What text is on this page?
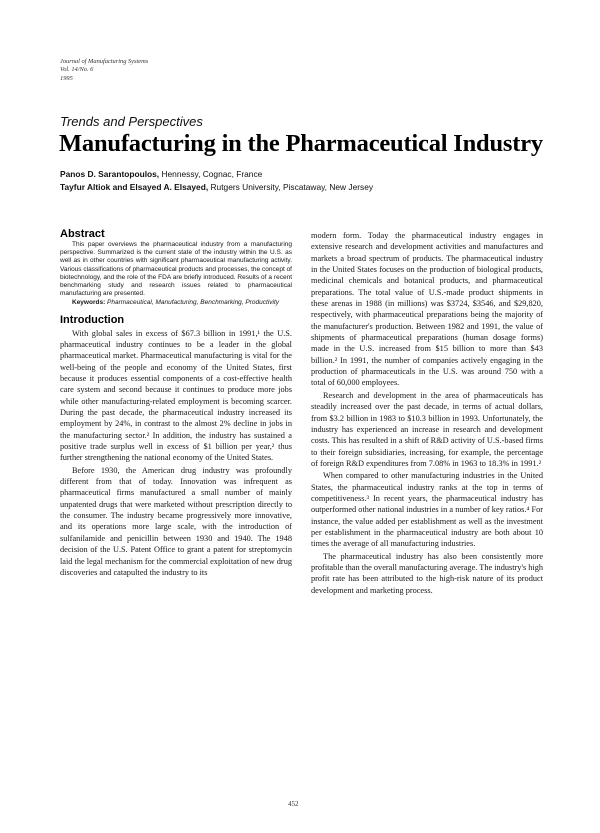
Journal of Manufacturing Systems
Vol. 14/No. 6
1995
Trends and Perspectives
Manufacturing in the Pharmaceutical Industry
Panos D. Sarantopoulos, Hennessy, Cognac, France
Tayfur Altiok and Elsayed A. Elsayed, Rutgers University, Piscataway, New Jersey
Abstract

This paper overviews the pharmaceutical industry from a manufacturing perspective. Summarized is the current state of the industry within the U.S. as well as in other countries with significant pharmaceutical manufacturing activity. Various classifications of pharmaceutical products and processes, the concept of biotechnology, and the role of the FDA are briefly introduced. Results of a recent benchmarking study and research issues related to pharmaceutical manufacturing are presented.

Keywords: Pharmaceutical, Manufacturing, Benchmarking, Productivity

Introduction

With global sales in excess of $67.3 billion in 1991,¹ the U.S. pharmaceutical industry continues to be a leader in the global pharmaceutical market. Pharmaceutical manufacturing is vital for the well-being of the people and economy of the United States, first because it produces essential components of a cost-effective health care system and second because it continues to produce more jobs while other manufacturing-related employment is becoming scarcer. During the past decade, the pharmaceutical industry increased its employment by 24%, in contrast to the almost 2% decline in jobs in the manufacturing sector.² In addition, the industry has sustained a positive trade surplus well in excess of $1 billion per year,² thus further strengthening the national economy of the United States.

Before 1930, the American drug industry was profoundly different from that of today. Innovation was infrequent as pharmaceutical firms manufactured a small number of mainly unpatented drugs that were marketed without prescription directly to the consumer. The industry became progressively more innovative, and its operations more large scale, with the introduction of sulfanilamide and penicillin between 1930 and 1940. The 1948 decision of the U.S. Patent Office to grant a patent for streptomycin laid the legal mechanism for the commercial exploitation of new drug discoveries and catapulted the industry to its

modern form. Today the pharmaceutical industry engages in extensive research and development activities and manufactures and markets a broad spectrum of products. The pharmaceutical industry in the United States focuses on the production of biological products, medicinal chemicals and botanical products, and pharmaceutical preparations. The total value of U.S.-made product shipments in these arenas in 1988 (in millions) was $3724, $3546, and $29,820, respectively, with pharmaceutical preparations being the majority of the manufacturer's production. Between 1982 and 1991, the value of shipments of pharmaceutical preparations (human dosage forms) made in the U.S. increased from $15 billion to more than $43 billion.² In 1991, the number of companies actively engaging in the production of pharmaceuticals in the U.S. was around 750 with a total of 60,000 employees.

Research and development in the area of pharmaceuticals has steadily increased over the past decade, in terms of actual dollars, from $3.2 billion in 1983 to $10.3 billion in 1993. Unfortunately, the industry has experienced an increase in research and development costs. This has resulted in a shift of R&D activity of U.S.-based firms to their foreign subsidiaries, increasing, for example, the percentage of foreign R&D expenditures from 7.08% in 1963 to 18.3% in 1991.²

When compared to other manufacturing industries in the United States, the pharmaceutical industry ranks at the top in terms of competitiveness.³ In recent years, the pharmaceutical industry has outperformed other national industries in a number of key ratios.⁴ For instance, the value added per establishment as well as the investment per establishment in the pharmaceutical industry are both about 10 times the average of all manufacturing industries.

The pharmaceutical industry has also been consistently more profitable than the overall manufacturing average. The industry's high profit rate has been attributed to the high-risk nature of its product development and marketing process.

452
